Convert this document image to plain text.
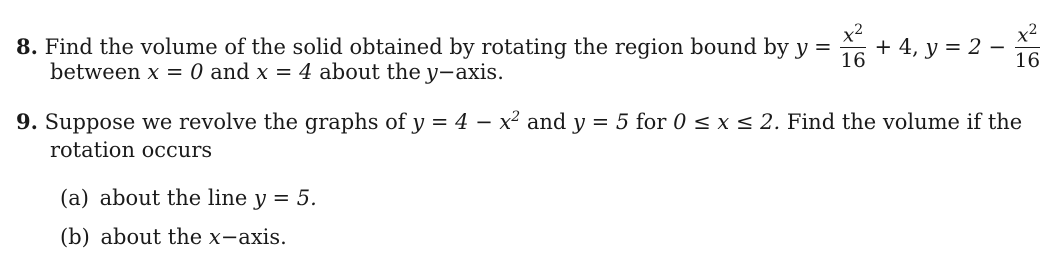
8. Find the volume of the solid obtained by rotating the region bound by $y = \frac{x^2}{16} + 4$, $y = 2 - \frac{x^2}{16}$
between x = 0 and x = 4 about the y−axis.
9. Suppose we revolve the graphs of $y = 4 - x^2$ and y = 5 for 0 ≤ x ≤ 2. Find the volume if the
rotation occurs
(a) about the line y = 5.
(b) about the x−axis.
